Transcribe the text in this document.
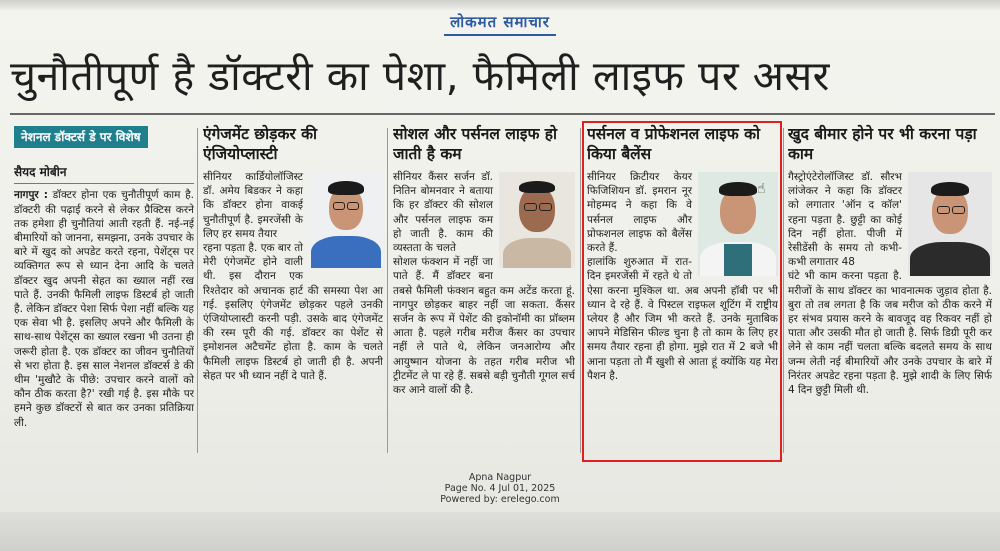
लोकमत समाचार
चुनौतीपूर्ण है डॉक्टरी का पेशा, फैमिली लाइफ पर असर
नेशनल डॉक्टर्स डे पर विशेष
सैयद मोबीन

नागपुर : डॉक्टर होना एक चुनौतीपूर्ण काम है. डॉक्टरी की पढ़ाई करने से लेकर प्रैक्टिस करने तक हमेशा ही चुनौतियां आती रहती हैं. नई-नई बीमारियों को जानना, समझना, उनके उपचार के बारे में खुद को अपडेट करते रहना, पेशेंट्स पर व्यक्तिगत रूप से ध्यान देना आदि के चलते डॉक्टर खुद अपनी सेहत का ख्याल नहीं रख पाते हैं. उनकी फैमिली लाइफ डिस्टर्ब हो जाती है. लेकिन डॉक्टर पेशा सिर्फ पेशा नहीं बल्कि यह एक सेवा भी है. इसलिए अपने और फैमिली के साथ-साथ पेशेंट्स का ख्याल रखना भी उतना ही जरूरी होता है. एक डॉक्टर का जीवन चुनौतियों से भरा होता है. इस साल नेशनल डॉक्टर्स डे की थीम 'मुखौटे के पीछे: उपचार करने वालों को कौन ठीक करता है?' रखी गई है. इस मौके पर हमने कुछ डॉक्टरों से बात कर उनका प्रतिक्रिया ली.

एंगेजमेंट छोड़कर की एंजियोप्लास्टी

सीनियर कार्डियोलॉजिस्ट डॉ. अमेय बिडकर ने कहा कि डॉक्टर होना वाकई चुनौतीपूर्ण है. इमरजेंसी के लिए हर समय तैयार

रहना पड़ता है. एक बार तो मेरी एंगेजमेंट होने वाली थी. इस दौरान एक रिश्तेदार को अचानक हार्ट की समस्या पेश आ गई. इसलिए एंगेजमेंट छोड़कर पहले उनकी एंजियोप्लास्टी करनी पड़ी. उसके बाद एंगेजमेंट की रस्म पूरी की गई. डॉक्टर का पेशेंट से इमोशनल अटैचमेंट होता है. काम के चलते फैमिली लाइफ डिस्टर्ब हो जाती ही है. अपनी सेहत पर भी ध्यान नहीं दे पाते हैं.

सोशल और पर्सनल लाइफ हो जाती है कम

सीनियर कैंसर सर्जन डॉ. नितिन बोमनवार ने बताया कि हर डॉक्टर की सोशल और पर्सनल लाइफ कम हो जाती है. काम की व्यस्तता के चलते

सोशल फंक्शन में नहीं जा पाते हैं. मैं डॉक्टर बना तबसे फैमिली फंक्शन बहुत कम अटेंड करता हूं. नागपुर छोड़कर बाहर नहीं जा सकता. कैंसर सर्जन के रूप में पेशेंट की इकोनॉमी का प्रॉब्लम आता है. पहले गरीब मरीज कैंसर का उपचार नहीं ले पाते थे, लेकिन जनआरोग्य और आयुष्मान योजना के तहत गरीब मरीज भी ट्रीटमेंट ले पा रहे हैं. सबसे बड़ी चुनौती गूगल सर्च कर आने वालों की है.

पर्सनल व प्रोफेशनल लाइफ को किया बैलेंस

सीनियर क्रिटीयर केयर फिजिशियन डॉ. इमरान नूर मोहम्मद ने कहा कि वे पर्सनल लाइफ और प्रोफशनल लाइफ को बैलेंस करते हैं.

हालांकि शुरुआत में रात-दिन इमरजेंसी में रहते थे तो ऐसा करना मुश्किल था. अब अपनी हॉबी पर भी ध्यान दे रहे हैं. वे पिस्टल राइफल शूटिंग में राष्ट्रीय प्लेयर है और जिम भी करते हैं. उनके मुताबिक आपने मेडिसिन फील्ड चुना है तो काम के लिए हर समय तैयार रहना ही होगा. मुझे रात में 2 बजे भी आना पड़ता तो मैं खुशी से आता हूं क्योंकि यह मेरा पैशन है.

खुद बीमार होने पर भी करना पड़ा काम

गैस्ट्रोएंटेरोलॉजिस्ट डॉ. सौरभ लांजेकर ने कहा कि डॉक्टर को लगातार 'ऑन द कॉल' रहना पड़ता है. छुट्टी का कोई दिन नहीं होता. पीजी में रेसीडेंसी के समय तो कभी-कभी लगातार 48

घंटे भी काम करना पड़ता है. मरीजों के साथ डॉक्टर का भावनात्मक जुड़ाव होता है. बुरा तो तब लगता है कि जब मरीज को ठीक करने में हर संभव प्रयास करने के बावजूद वह रिकवर नहीं हो पाता और उसकी मौत हो जाती है. सिर्फ डिग्री पूरी कर लेने से काम नहीं चलता बल्कि बदलते समय के साथ जन्म लेती नई बीमारियों और उनके उपचार के बारे में निरंतर अपडेट रहना पड़ता है. मुझे शादी के लिए सिर्फ 4 दिन छुट्टी मिली थी.

☝
Apna Nagpur
Page No. 4 Jul 01, 2025
Powered by: erelego.com
